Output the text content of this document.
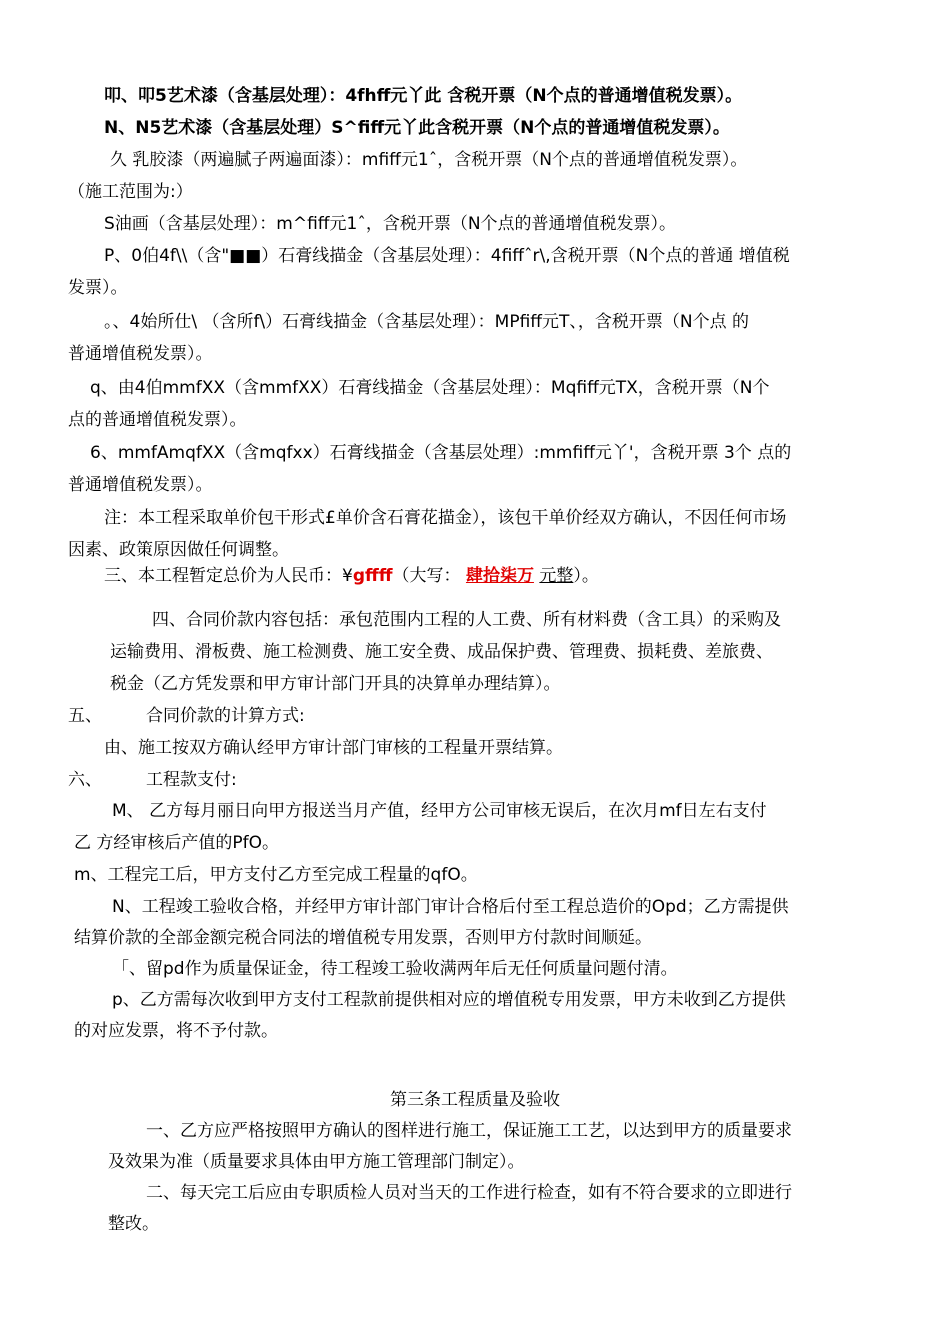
叩、叩5艺术漆（含基层处理）：4fhff元丫此 含税开票（N个点的普通增值税发票）。
N、N5艺术漆（含基层处理）S^fiff元丫此含税开票（N个点的普通增值税发票）。
久 乳胶漆（两遍腻子两遍面漆）：mfiff元1ˆ，含税开票（N个点的普通增值税发票）。
（施工范围为:）
S油画（含基层处理）：m^fiff元1ˆ，含税开票（N个点的普通增值税发票）。
P、0伯4f\\（含"■■）石膏线描金（含基层处理）：4fiffˆr\,含税开票（N个点的普通 增值税
发票）。
。、4始所仕\ （含所f\）石膏线描金（含基层处理）：MPfiff元T、，含税开票（N个点 的
普通增值税发票）。
q、由4伯mmfXX（含mmfXX）石膏线描金（含基层处理）：Mqfiff元TX，含税开票（N个
点的普通增值税发票）。
6、mmfAmqfXX（含mqfxx）石膏线描金（含基层处理）:mmfiff元丫'，含税开票 3个 点的
普通增值税发票）。
注：本工程采取单价包干形式£单价含石膏花描金），该包干单价经双方确认，不因任何市场
因素、政策原因做任何调整。
三、本工程暂定总价为人民币：¥gffff（大写： 肆拾柒万 元整）。
四、合同价款内容包括：承包范围内工程的人工费、所有材料费（含工具）的采购及
运输费用、滑板费、施工检测费、施工安全费、成品保护费、管理费、损耗费、差旅费、
税金（乙方凭发票和甲方审计部门开具的决算单办理结算）。
五、	合同价款的计算方式:
由、施工按双方确认经甲方审计部门审核的工程量开票结算。
六、	工程款支付:
M、 乙方每月丽日向甲方报送当月产值，经甲方公司审核无误后，在次月mf日左右支付
乙 方经审核后产值的PfO。
m、工程完工后，甲方支付乙方至完成工程量的qfO。
N、工程竣工验收合格，并经甲方审计部门审计合格后付至工程总造价的Opd；乙方需提供
结算价款的全部金额完税合同法的增值税专用发票，否则甲方付款时间顺延。
「、留pd作为质量保证金，待工程竣工验收满两年后无任何质量问题付清。
p、乙方需每次收到甲方支付工程款前提供相对应的增值税专用发票，甲方未收到乙方提供
的对应发票，将不予付款。
第三条工程质量及验收
一、乙方应严格按照甲方确认的图样进行施工，保证施工工艺，以达到甲方的质量要求
及效果为准（质量要求具体由甲方施工管理部门制定）。
二、每天完工后应由专职质检人员对当天的工作进行检查，如有不符合要求的立即进行
整改。
